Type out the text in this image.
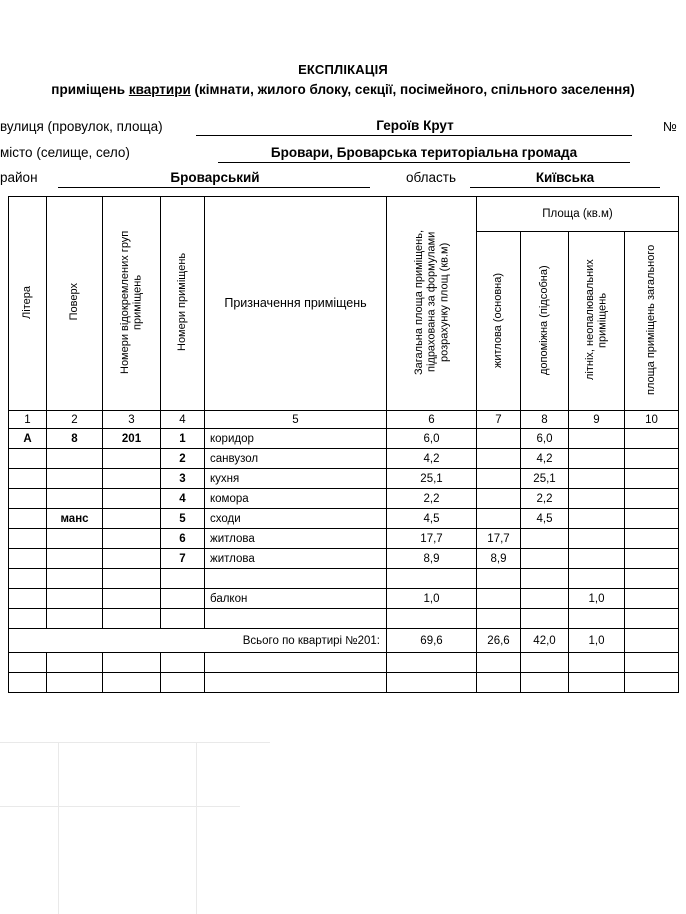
ЕКСПЛІКАЦІЯ
приміщень квартири (кімнати, жилого блоку, секції, посімейного, спільного заселення)
вулиця (провулок, площа)	Героїв Крут	№
місто (селище, село)	Бровари, Броварська територіальна громада
район	Броварський	область	Київська
Літера	Поверх	Номери відокремлених груп приміщень	Номери приміщень	Призначення приміщень	Загальна площа приміщень, підрахована за формулами розрахунку площ (кв.м)	Площа (кв.м)			
						житлова (основна)	допоміжна (підсобна)	літніх, неопалювальних приміщень	площа приміщень загального
1	2	3	4	5	6	7	8	9	10
А	8	201	1	коридор	6,0		6,0		
			2	санвузол	4,2		4,2		
			3	кухня	25,1		25,1		
			4	комора	2,2		2,2		
	манс		5	сходи	4,5		4,5		
			6	житлова	17,7	17,7			
			7	житлова	8,9	8,9			

				балкон	1,0			1,0	

Всього по квартирі №201:					69,6	26,6	42,0	1,0	
